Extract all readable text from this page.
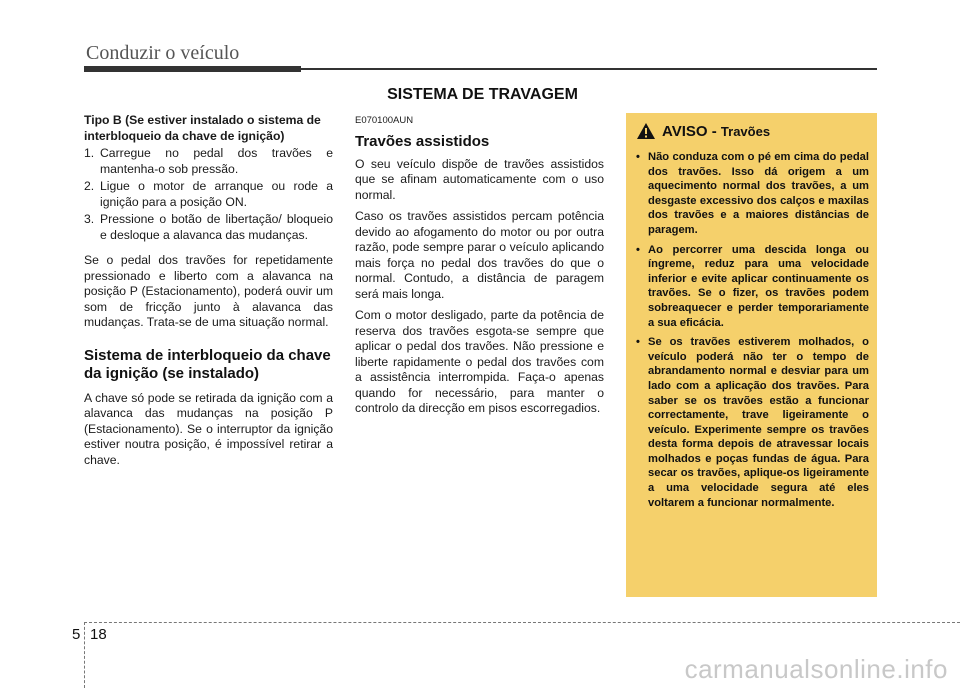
Conduzir o veículo
SISTEMA DE TRAVAGEM

Tipo B (Se estiver instalado o sistema de interbloqueio da chave de ignição)

1. Carregue no pedal dos travões e mantenha-o sob pressão.
2. Ligue o motor de arranque ou rode a ignição para a posição ON.
3. Pressione o botão de libertação/ bloqueio e desloque a alavanca das mudanças.

Se o pedal dos travões for repetidamente pressionado e liberto com a alavanca na posição P (Estacionamento), poderá ouvir um som de fricção junto à alavanca das mudanças. Trata-se de uma situação normal.

Sistema de interbloqueio da chave da ignição (se instalado)

A chave só pode se retirada da ignição com a alavanca das mudanças na posição P (Estacionamento). Se o interruptor da ignição estiver noutra posição, é impossível retirar a chave.

E070100AUN
Travões assistidos

O seu veículo dispõe de travões assistidos que se afinam automaticamente com o uso normal.

Caso os travões assistidos percam potência devido ao afogamento do motor ou por outra razão, pode sempre parar o veículo aplicando mais força no pedal dos travões do que o normal. Contudo, a distância de paragem será mais longa.

Com o motor desligado, parte da potência de reserva dos travões esgota-se sempre que aplicar o pedal dos travões. Não pressione e liberte rapidamente o pedal dos travões com a assistência interrompida. Faça-o apenas quando for necessário, para manter o controlo da direcção em pisos escorregadios.

AVISO - Travões
• Não conduza com o pé em cima do pedal dos travões. Isso dá origem a um aquecimento normal dos travões, a um desgaste excessivo dos calços e maxilas dos travões e a maiores distâncias de paragem.
• Ao percorrer uma descida longa ou íngreme, reduz para uma velocidade inferior e evite aplicar continuamente os travões. Se o fizer, os travões podem sobreaquecer e perder temporariamente a sua eficácia.
• Se os travões estiverem molhados, o veículo poderá não ter o tempo de abrandamento normal e desviar para um lado com a aplicação dos travões. Para saber se os travões estão a funcionar correctamente, trave ligeiramente o veículo. Experimente sempre os travões desta forma depois de atravessar locais molhados e poças fundas de água. Para secar os travões, aplique-os ligeiramente a uma velocidade segura até eles voltarem a funcionar normalmente.
5 18
carmanualsonline.info
